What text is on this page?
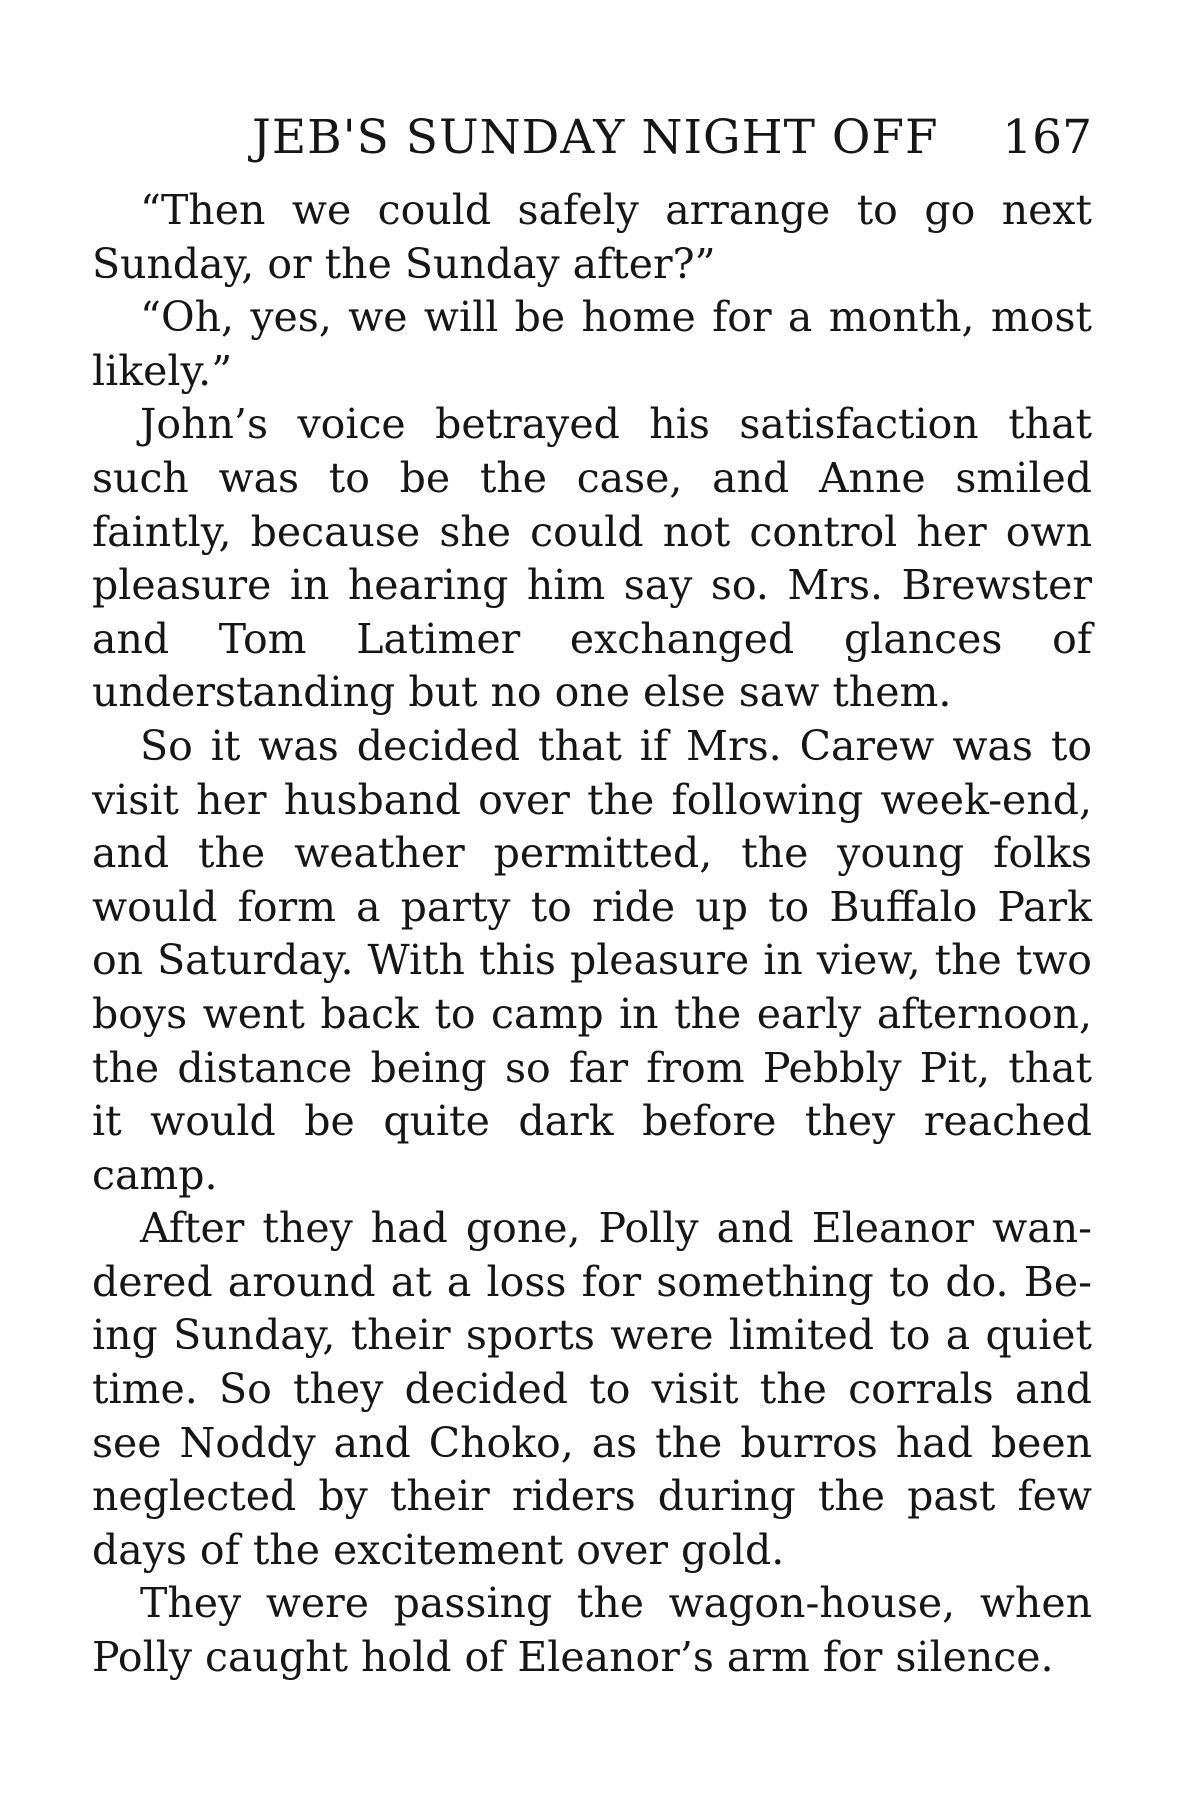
JEB'S SUNDAY NIGHT OFF 167

“Then we could safely arrange to go next Sunday, or the Sunday after?”

“Oh, yes, we will be home for a month, most likely.”

John’s voice betrayed his satisfaction that such was to be the case, and Anne smiled faintly, because she could not control her own pleasure in hearing him say so. Mrs. Brewster and Tom Latimer exchanged glances of understanding but no one else saw them.

So it was decided that if Mrs. Carew was to visit her husband over the following week-end, and the weather permitted, the young folks would form a party to ride up to Buffalo Park on Saturday. With this pleasure in view, the two boys went back to camp in the early afternoon, the distance being so far from Pebbly Pit, that it would be quite dark before they reached camp.

After they had gone, Polly and Eleanor wandered around at a loss for something to do. Being Sunday, their sports were limited to a quiet time. So they decided to visit the corrals and see Noddy and Choko, as the burros had been neglected by their riders during the past few days of the excitement over gold.

They were passing the wagon-house, when Polly caught hold of Eleanor’s arm for silence.
